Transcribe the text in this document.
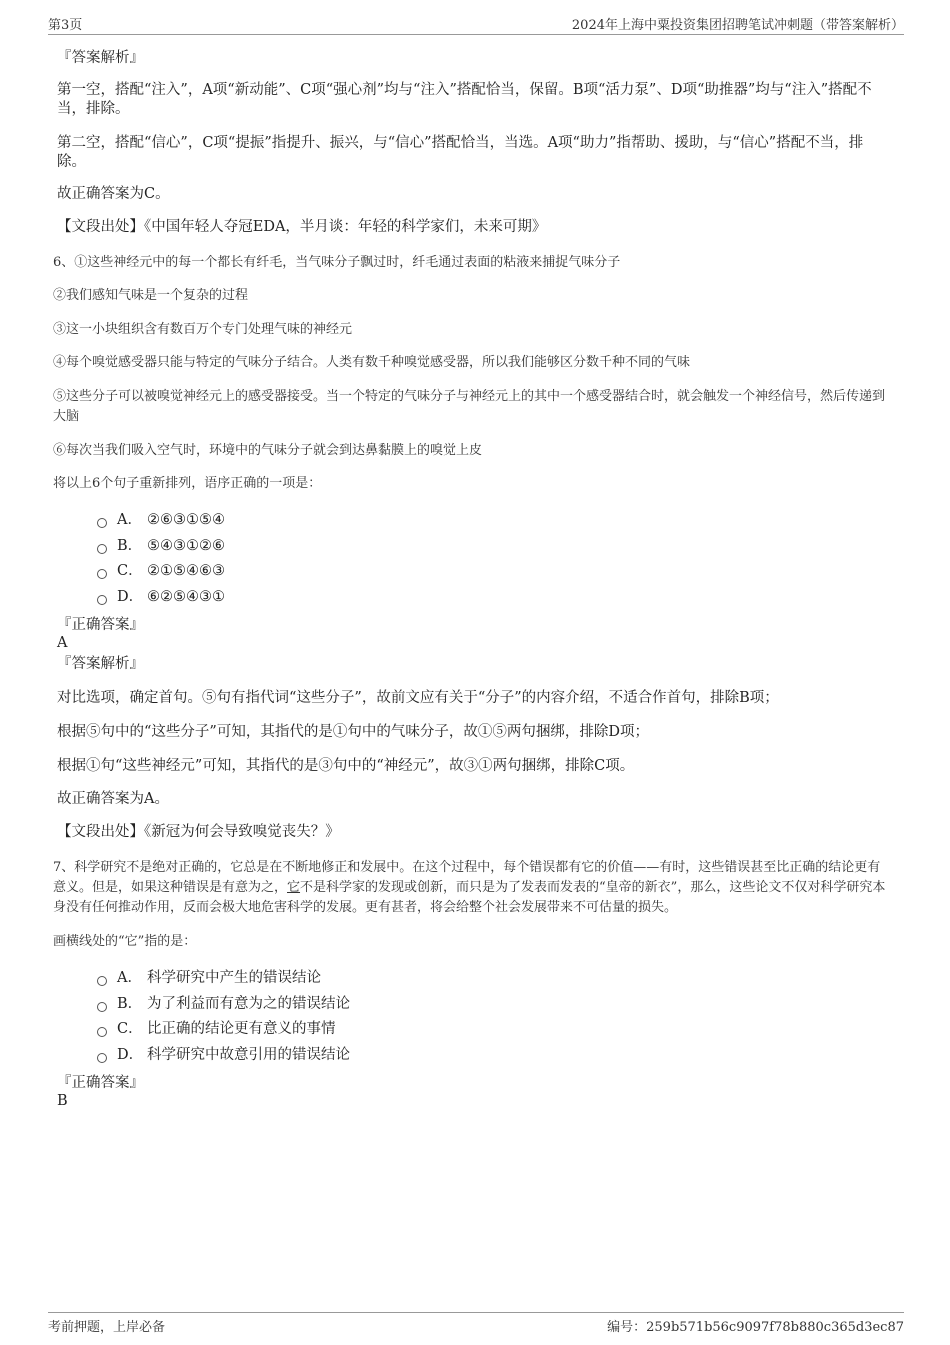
第3页	2024年上海中粟投资集团招聘笔试冲刺题（带答案解析）
『答案解析』
第一空，搭配“注入”，A项“新动能”、C项“强心剂”均与“注入”搭配恰当，保留。B项“活力泵”、D项“助推器”均与“注入”搭配不当，排除。
第二空，搭配“信心”，C项“提振”指提升、振兴，与“信心”搭配恰当，当选。A项“助力”指帮助、援助，与“信心”搭配不当，排除。
故正确答案为C。
【文段出处】《中国年轻人夺冠EDA，半月谈：年轻的科学家们，未来可期》
6、①这些神经元中的每一个都长有纤毛，当气味分子飘过时，纤毛通过表面的粘液来捕捉气味分子
②我们感知气味是一个复杂的过程
③这一小块组织含有数百万个专门处理气味的神经元
④每个嗅觉感受器只能与特定的气味分子结合。人类有数千种嗅觉感受器，所以我们能够区分数千种不同的气味
⑤这些分子可以被嗅觉神经元上的感受器接受。当一个特定的气味分子与神经元上的其中一个感受器结合时，就会触发一个神经信号，然后传递到大脑
⑥每次当我们吸入空气时，环境中的气味分子就会到达鼻黏膜上的嗅觉上皮
将以上6个句子重新排列，语序正确的一项是：
A． ②⑥③①⑤④
B． ⑤④③①②⑥
C． ②①⑤④⑥③
D． ⑥②⑤④③①
『正确答案』
A
『答案解析』
对比选项，确定首句。⑤句有指代词“这些分子”，故前文应有关于“分子”的内容介绍，不适合作首句，排除B项；
根据⑤句中的“这些分子”可知，其指代的是①句中的气味分子，故①⑤两句捆绑，排除D项；
根据①句“这些神经元”可知，其指代的是③句中的“神经元”，故③①两句捆绑，排除C项。
故正确答案为A。
【文段出处】《新冠为何会导致嗅觉丧失？》
7、科学研究不是绝对正确的，它总是在不断地修正和发展中。在这个过程中，每个错误都有它的价值——有时，这些错误甚至比正确的结论更有意义。但是，如果这种错误是有意为之，它不是科学家的发现或创新，而只是为了发表而发表的“皇帝的新衣”，那么，这些论文不仅对科学研究本身没有任何推动作用，反而会极大地危害科学的发展。更有甚者，将会给整个社会发展带来不可估量的损失。
画横线处的“它”指的是：
A． 科学研究中产生的错误结论
B． 为了利益而有意为之的错误结论
C． 比正确的结论更有意义的事情
D． 科学研究中故意引用的错误结论
『正确答案』
B
考前押题，上岸必备	编号：259b571b56c9097f78b880c365d3ec87
